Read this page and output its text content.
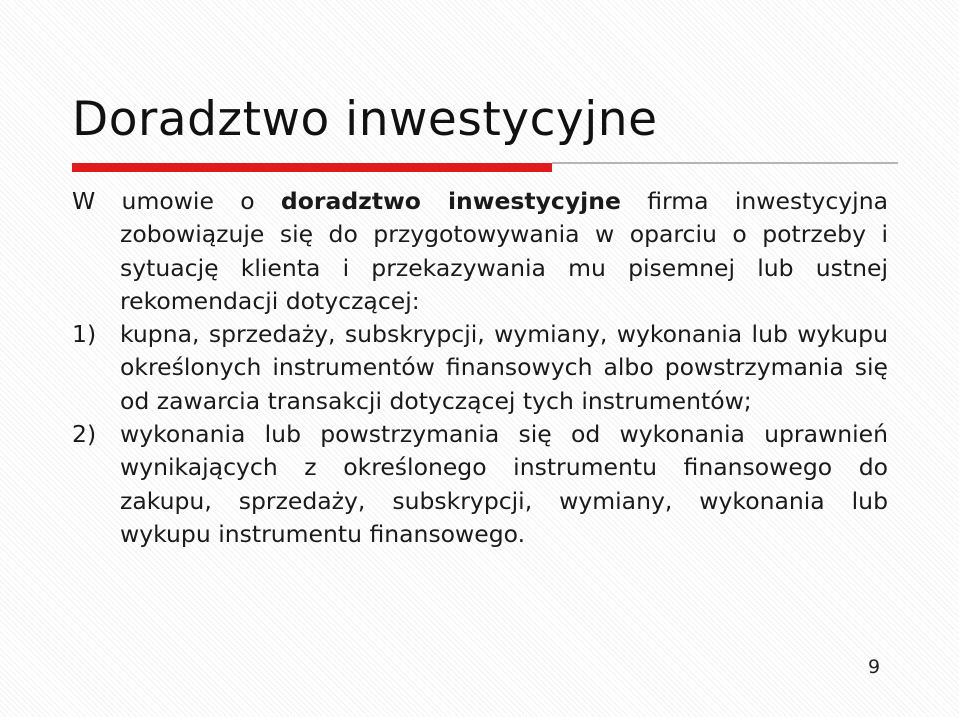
Doradztwo inwestycyjne

W umowie o doradztwo inwestycyjne firma inwestycyjna zobowiązuje się do przygotowywania w oparciu o potrzeby i sytuację klienta i przekazywania mu pisemnej lub ustnej rekomendacji dotyczącej:

1)	kupna, sprzedaży, subskrypcji, wymiany, wykonania lub wykupu określonych instrumentów finansowych albo powstrzymania się od zawarcia transakcji dotyczącej tych instrumentów;
2)	wykonania lub powstrzymania się od wykonania uprawnień wynikających z określonego instrumentu finansowego do zakupu, sprzedaży, subskrypcji, wymiany, wykonania lub wykupu instrumentu finansowego.
9
